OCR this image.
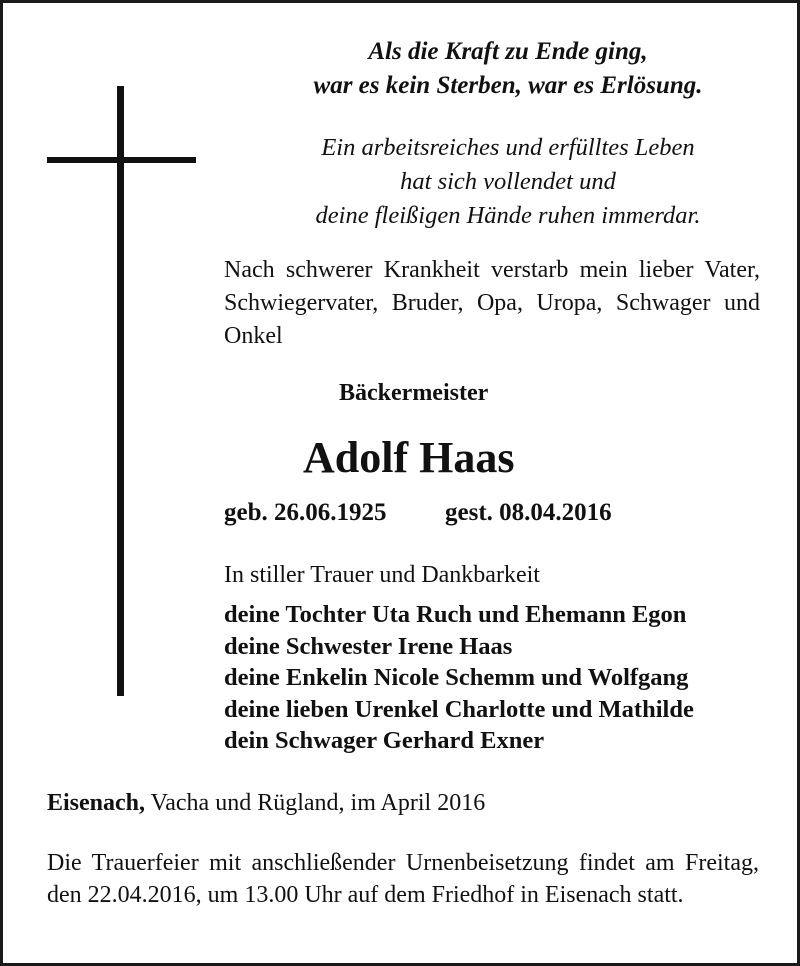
Als die Kraft zu Ende ging,
war es kein Sterben, war es Erlösung.
Ein arbeitsreiches und erfülltes Leben
hat sich vollendet und
deine fleißigen Hände ruhen immerdar.
Nach schwerer Krankheit verstarb mein lieber Vater, Schwiegervater, Bruder, Opa, Uropa, Schwager und Onkel
Bäckermeister
Adolf Haas
geb. 26.06.1925 gest. 08.04.2016
In stiller Trauer und Dankbarkeit
deine Tochter Uta Ruch und Ehemann Egon
deine Schwester Irene Haas
deine Enkelin Nicole Schemm und Wolfgang
deine lieben Urenkel Charlotte und Mathilde
dein Schwager Gerhard Exner
Eisenach, Vacha und Rügland, im April 2016
Die Trauerfeier mit anschließender Urnenbeisetzung findet am Freitag, den 22.04.2016, um 13.00 Uhr auf dem Friedhof in Eisenach statt.
